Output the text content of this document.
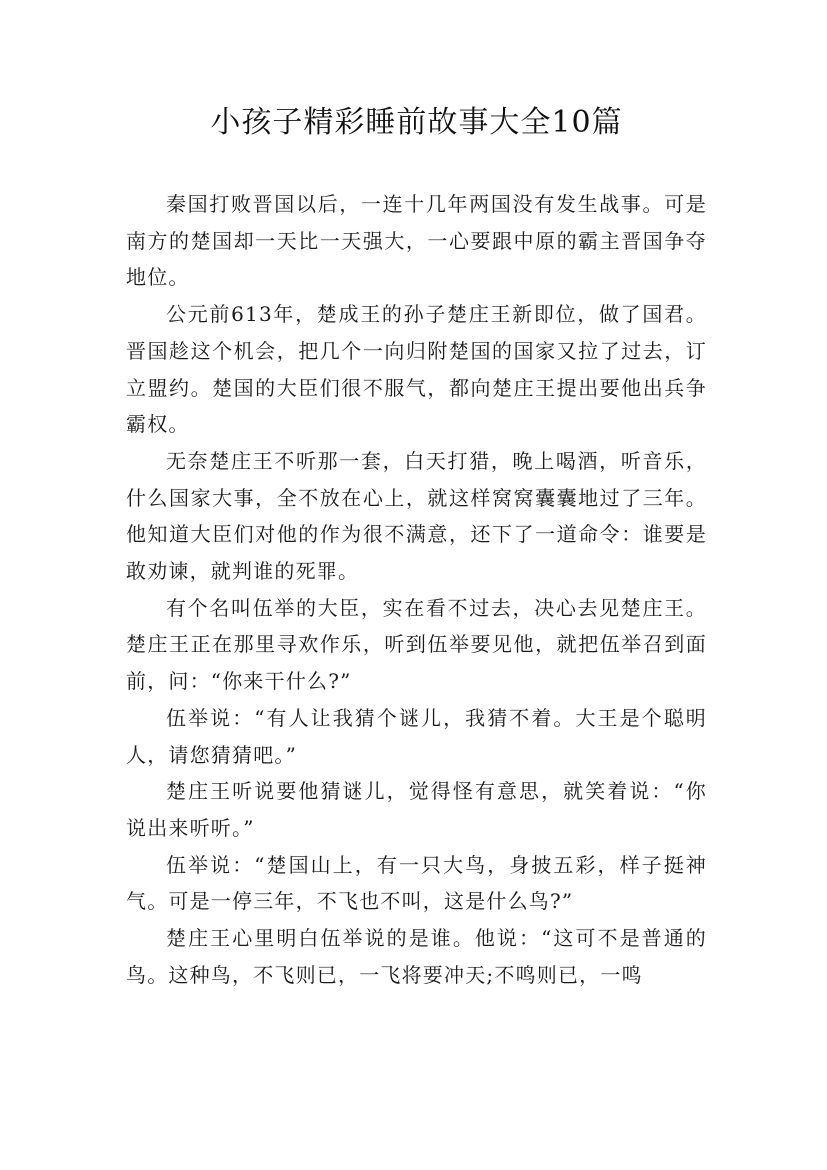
小孩子精彩睡前故事大全10篇

秦国打败晋国以后，一连十几年两国没有发生战事。可是南方的楚国却一天比一天强大，一心要跟中原的霸主晋国争夺地位。

公元前613年，楚成王的孙子楚庄王新即位，做了国君。晋国趁这个机会，把几个一向归附楚国的国家又拉了过去，订立盟约。楚国的大臣们很不服气，都向楚庄王提出要他出兵争霸权。

无奈楚庄王不听那一套，白天打猎，晚上喝酒，听音乐，什么国家大事，全不放在心上，就这样窝窝囊囊地过了三年。他知道大臣们对他的作为很不满意，还下了一道命令：谁要是敢劝谏，就判谁的死罪。

有个名叫伍举的大臣，实在看不过去，决心去见楚庄王。楚庄王正在那里寻欢作乐，听到伍举要见他，就把伍举召到面前，问：“你来干什么?”

伍举说：“有人让我猜个谜儿，我猜不着。大王是个聪明人，请您猜猜吧。”

楚庄王听说要他猜谜儿，觉得怪有意思，就笑着说：“你说出来听听。”

伍举说：“楚国山上，有一只大鸟，身披五彩，样子挺神气。可是一停三年，不飞也不叫，这是什么鸟?”

楚庄王心里明白伍举说的是谁。他说：“这可不是普通的鸟。这种鸟，不飞则已，一飞将要冲天;不鸣则已，一鸣
